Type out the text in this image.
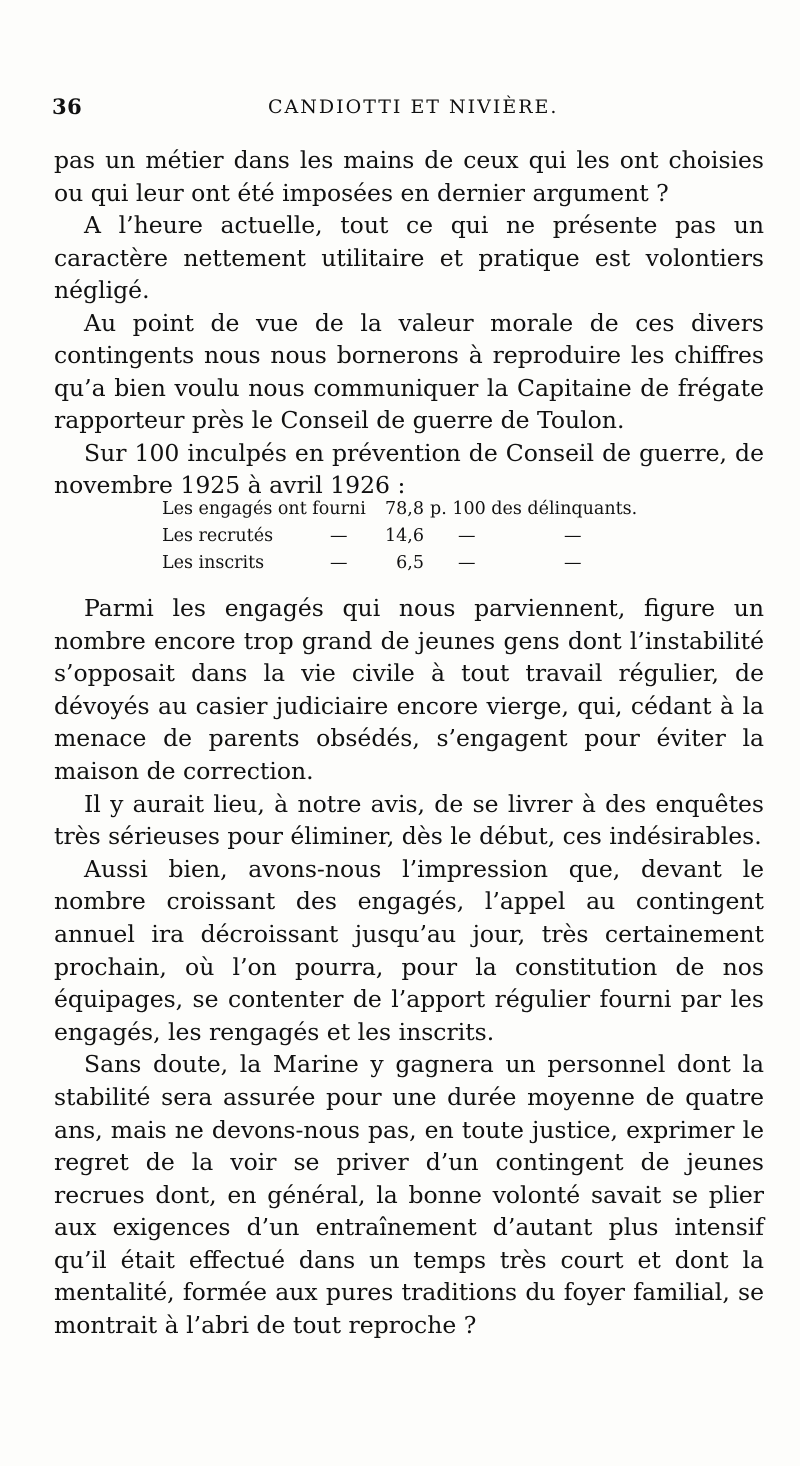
36	CANDIOTTI ET NIVIÈRE.

pas un métier dans les mains de ceux qui les ont choisies ou qui leur ont été imposées en dernier argument ?

A l’heure actuelle, tout ce qui ne présente pas un caractère nettement utilitaire et pratique est volontiers négligé.

Au point de vue de la valeur morale de ces divers contingents nous nous bornerons à reproduire les chiffres qu’a bien voulu nous communiquer la Capitaine de frégate rapporteur près le Conseil de guerre de Toulon.

Sur 100 inculpés en prévention de Conseil de guerre, de novembre 1925 à avril 1926 :

Les engagés ont fourni	78,8 p. 100 des délinquants.
Les recrutés	—	14,6 —	—
Les inscrits	—	6,5 —	—

Parmi les engagés qui nous parviennent, figure un nombre encore trop grand de jeunes gens dont l’instabilité s’opposait dans la vie civile à tout travail régulier, de dévoyés au casier judiciaire encore vierge, qui, cédant à la menace de parents obsédés, s’engagent pour éviter la maison de correction.

Il y aurait lieu, à notre avis, de se livrer à des enquêtes très sérieuses pour éliminer, dès le début, ces indésirables.

Aussi bien, avons-nous l’impression que, devant le nombre croissant des engagés, l’appel au contingent annuel ira décroissant jusqu’au jour, très certainement prochain, où l’on pourra, pour la constitution de nos équipages, se contenter de l’apport régulier fourni par les engagés, les rengagés et les inscrits.

Sans doute, la Marine y gagnera un personnel dont la stabilité sera assurée pour une durée moyenne de quatre ans, mais ne devons-nous pas, en toute justice, exprimer le regret de la voir se priver d’un contingent de jeunes recrues dont, en général, la bonne volonté savait se plier aux exigences d’un entraînement d’autant plus intensif qu’il était effectué dans un temps très court et dont la mentalité, formée aux pures traditions du foyer familial, se montrait à l’abri de tout reproche ?
